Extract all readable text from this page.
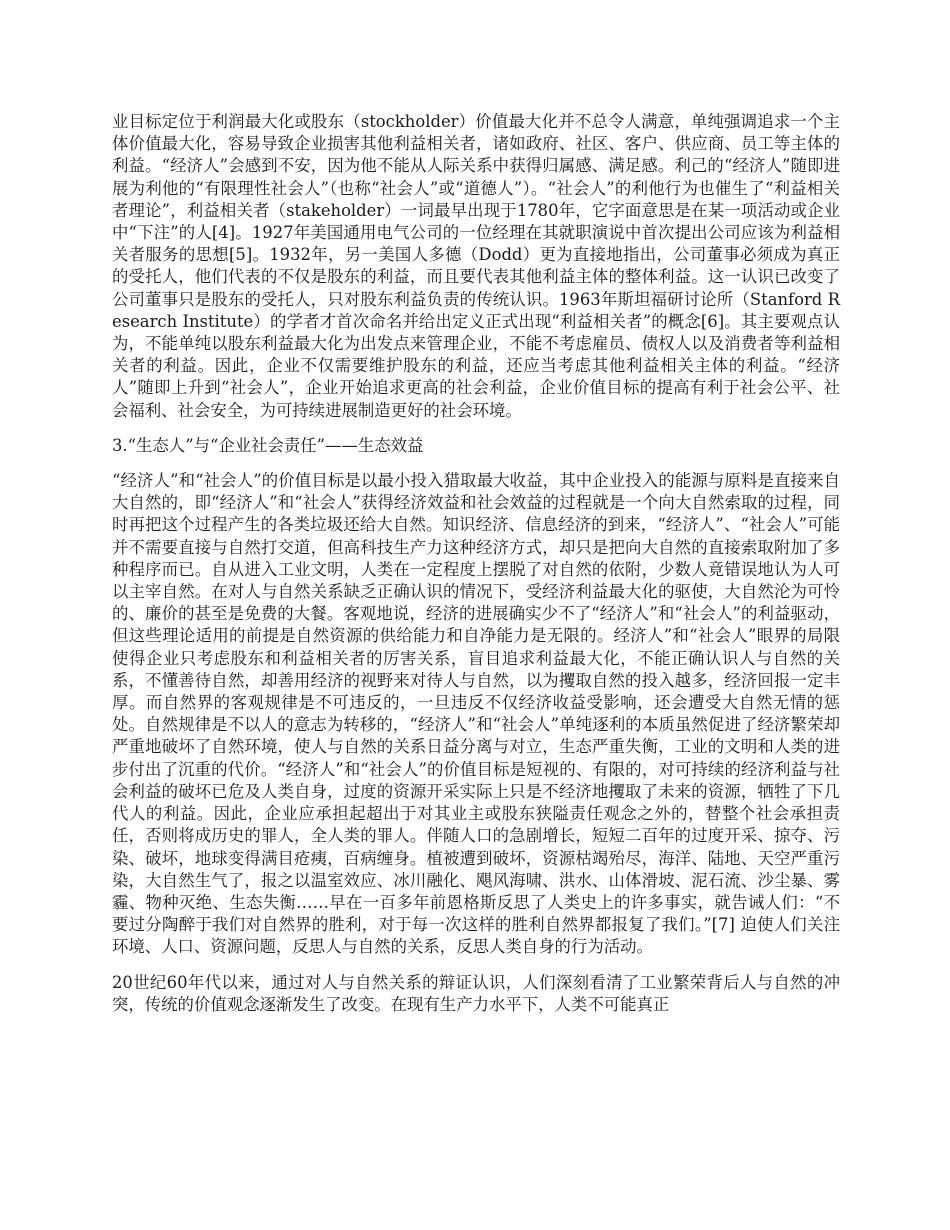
业目标定位于利润最大化或股东（stockholder）价值最大化并不总令人满意，单纯强调追求一个主体价值最大化，容易导致企业损害其他利益相关者，诸如政府、社区、客户、供应商、员工等主体的利益。“经济人”会感到不安，因为他不能从人际关系中获得归属感、满足感。利己的“经济人”随即进展为利他的“有限理性社会人”（也称“社会人”或“道德人”）。“社会人”的利他行为也催生了“利益相关者理论”，利益相关者（stakeholder）一词最早出现于1780年，它字面意思是在某一项活动或企业中“下注”的人[4]。1927年美国通用电气公司的一位经理在其就职演说中首次提出公司应该为利益相关者服务的思想[5]。1932年，另一美国人多德（Dodd）更为直接地指出，公司董事必须成为真正的受托人，他们代表的不仅是股东的利益，而且要代表其他利益主体的整体利益。这一认识已改变了公司董事只是股东的受托人，只对股东利益负责的传统认识。1963年斯坦福研讨论所（Stanford Research Institute）的学者才首次命名并给出定义正式出现“利益相关者”的概念[6]。其主要观点认为，不能单纯以股东利益最大化为出发点来管理企业，不能不考虑雇员、债权人以及消费者等利益相关者的利益。因此，企业不仅需要维护股东的利益，还应当考虑其他利益相关主体的利益。“经济人”随即上升到“社会人”，企业开始追求更高的社会利益，企业价值目标的提高有利于社会公平、社会福利、社会安全，为可持续进展制造更好的社会环境。

3.“生态人”与“企业社会责任”——生态效益

“经济人”和“社会人”的价值目标是以最小投入猎取最大收益，其中企业投入的能源与原料是直接来自大自然的，即“经济人”和“社会人”获得经济效益和社会效益的过程就是一个向大自然索取的过程，同时再把这个过程产生的各类垃圾还给大自然。知识经济、信息经济的到来，“经济人”、“社会人”可能并不需要直接与自然打交道，但高科技生产力这种经济方式，却只是把向大自然的直接索取附加了多种程序而已。自从进入工业文明，人类在一定程度上摆脱了对自然的依附，少数人竟错误地认为人可以主宰自然。在对人与自然关系缺乏正确认识的情况下，受经济利益最大化的驱使，大自然沦为可怜的、廉价的甚至是免费的大餐。客观地说，经济的进展确实少不了“经济人”和“社会人”的利益驱动，但这些理论适用的前提是自然资源的供给能力和自净能力是无限的。经济人”和“社会人”眼界的局限使得企业只考虑股东和利益相关者的厉害关系，盲目追求利益最大化，不能正确认识人与自然的关系，不懂善待自然，却善用经济的视野来对待人与自然，以为攫取自然的投入越多，经济回报一定丰厚。而自然界的客观规律是不可违反的，一旦违反不仅经济收益受影响，还会遭受大自然无情的惩处。自然规律是不以人的意志为转移的，“经济人”和“社会人”单纯逐利的本质虽然促进了经济繁荣却严重地破坏了自然环境，使人与自然的关系日益分离与对立，生态严重失衡，工业的文明和人类的进步付出了沉重的代价。“经济人”和“社会人”的价值目标是短视的、有限的，对可持续的经济利益与社会利益的破坏已危及人类自身，过度的资源开采实际上只是不经济地攫取了未来的资源，牺牲了下几代人的利益。因此，企业应承担起超出于对其业主或股东狭隘责任观念之外的，替整个社会承担责任，否则将成历史的罪人，全人类的罪人。伴随人口的急剧增长，短短二百年的过度开采、掠夺、污染、破坏，地球变得满目疮痍，百病缠身。植被遭到破坏，资源枯竭殆尽，海洋、陆地、天空严重污染，大自然生气了，报之以温室效应、冰川融化、飓风海啸、洪水、山体滑坡、泥石流、沙尘暴、雾霾、物种灭绝、生态失衡……早在一百多年前恩格斯反思了人类史上的许多事实，就告诫人们：“不要过分陶醉于我们对自然界的胜利，对于每一次这样的胜利自然界都报复了我们。”[7] 迫使人们关注环境、人口、资源问题，反思人与自然的关系，反思人类自身的行为活动。

20世纪60年代以来，通过对人与自然关系的辩证认识，人们深刻看清了工业繁荣背后人与自然的冲突，传统的价值观念逐渐发生了改变。在现有生产力水平下，人类不可能真正
